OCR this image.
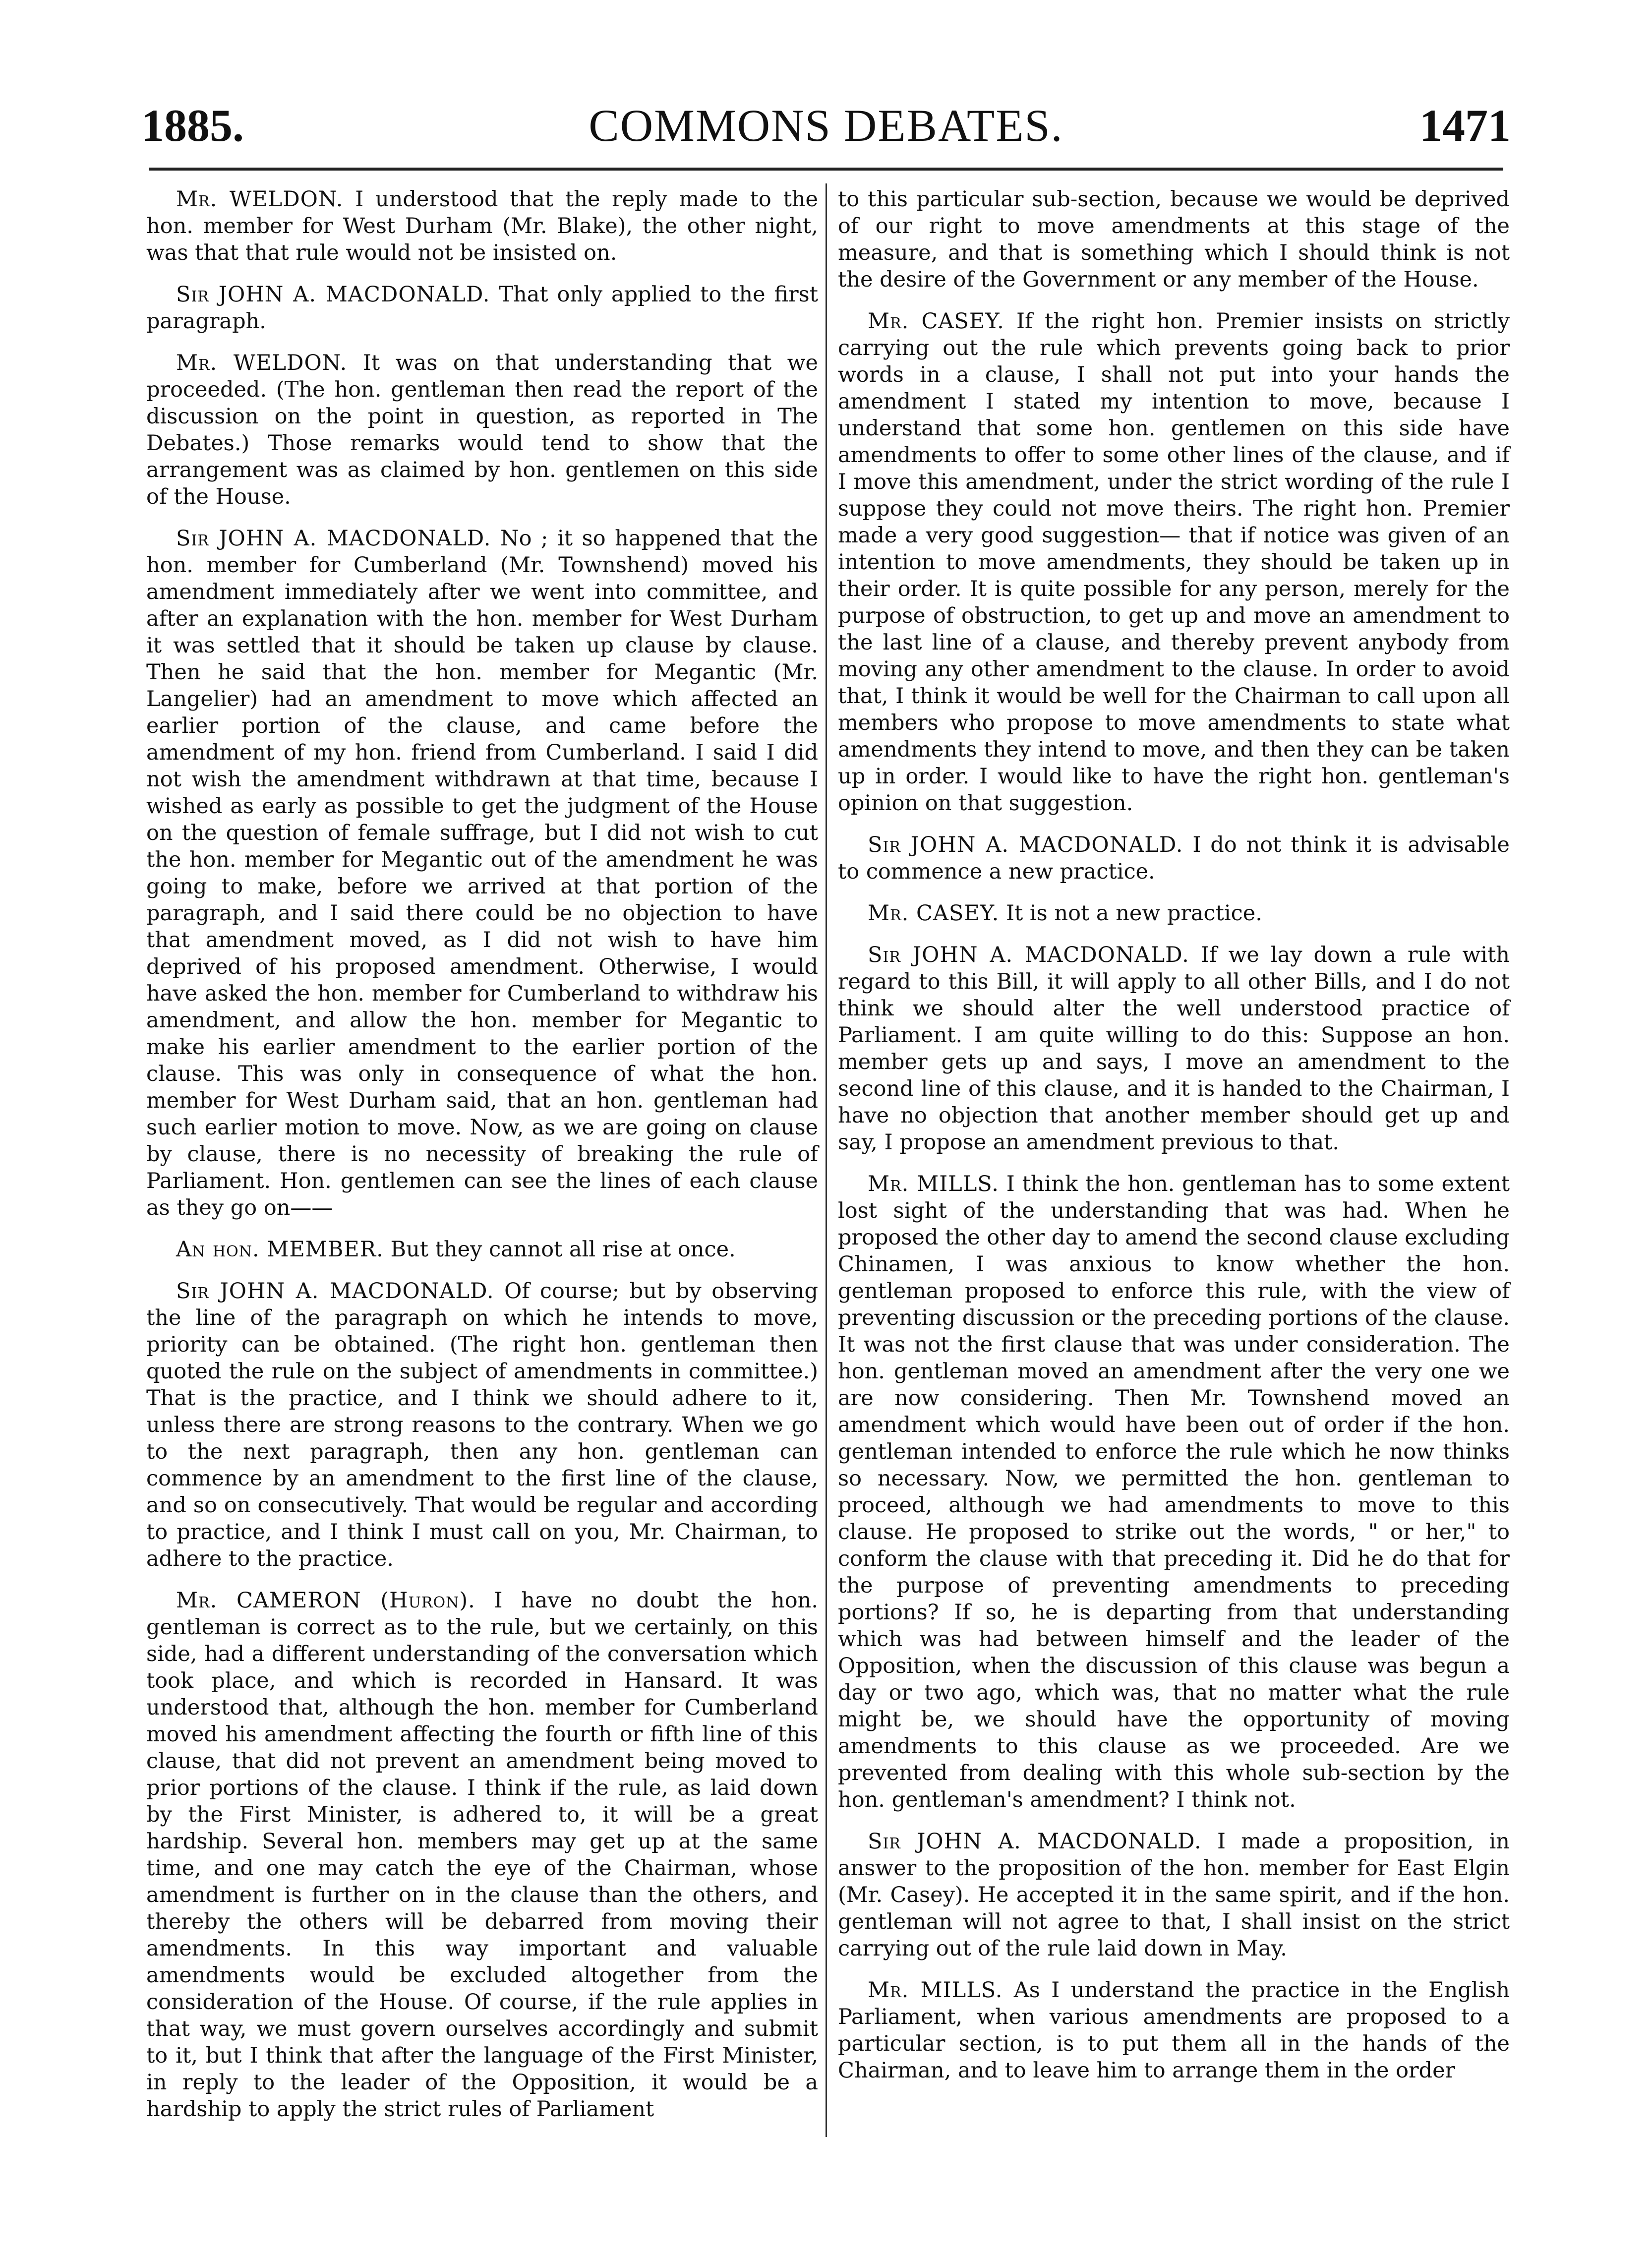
1885.	COMMONS DEBATES.	1471

Mr. WELDON. I understood that the reply made to the hon. member for West Durham (Mr. Blake), the other night, was that that rule would not be insisted on.

Sir JOHN A. MACDONALD. That only applied to the first paragraph.

Mr. WELDON. It was on that understanding that we proceeded. (The hon. gentleman then read the report of the discussion on the point in question, as reported in The Debates.) Those remarks would tend to show that the arrangement was as claimed by hon. gentlemen on this side of the House.

Sir JOHN A. MACDONALD. No ; it so happened that the hon. member for Cumberland (Mr. Townshend) moved his amendment immediately after we went into committee, and after an explanation with the hon. member for West Durham it was settled that it should be taken up clause by clause. Then he said that the hon. member for Megantic (Mr. Langelier) had an amendment to move which affected an earlier portion of the clause, and came before the amendment of my hon. friend from Cumberland. I said I did not wish the amendment withdrawn at that time, because I wished as early as possible to get the judgment of the House on the question of female suffrage, but I did not wish to cut the hon. member for Megantic out of the amendment he was going to make, before we arrived at that portion of the paragraph, and I said there could be no objection to have that amendment moved, as I did not wish to have him deprived of his proposed amendment. Otherwise, I would have asked the hon. member for Cumberland to withdraw his amendment, and allow the hon. member for Megantic to make his earlier amendment to the earlier portion of the clause. This was only in consequence of what the hon. member for West Durham said, that an hon. gentleman had such earlier motion to move. Now, as we are going on clause by clause, there is no necessity of breaking the rule of Parliament. Hon. gentlemen can see the lines of each clause as they go on——

An hon. MEMBER. But they cannot all rise at once.

Sir JOHN A. MACDONALD. Of course; but by observing the line of the paragraph on which he intends to move, priority can be obtained. (The right hon. gentleman then quoted the rule on the subject of amendments in committee.) That is the practice, and I think we should adhere to it, unless there are strong reasons to the contrary. When we go to the next paragraph, then any hon. gentleman can commence by an amendment to the first line of the clause, and so on consecutively. That would be regular and according to practice, and I think I must call on you, Mr. Chairman, to adhere to the practice.

Mr. CAMERON (Huron). I have no doubt the hon. gentleman is correct as to the rule, but we certainly, on this side, had a different understanding of the conversation which took place, and which is recorded in Hansard. It was understood that, although the hon. member for Cumberland moved his amendment affecting the fourth or fifth line of this clause, that did not prevent an amendment being moved to prior portions of the clause. I think if the rule, as laid down by the First Minister, is adhered to, it will be a great hardship. Several hon. members may get up at the same time, and one may catch the eye of the Chairman, whose amendment is further on in the clause than the others, and thereby the others will be debarred from moving their amendments. In this way important and valuable amendments would be excluded altogether from the consideration of the House. Of course, if the rule applies in that way, we must govern ourselves accordingly and submit to it, but I think that after the language of the First Minister, in reply to the leader of the Opposition, it would be a hardship to apply the strict rules of Parliament

to this particular sub-section, because we would be deprived of our right to move amendments at this stage of the measure, and that is something which I should think is not the desire of the Government or any member of the House.

Mr. CASEY. If the right hon. Premier insists on strictly carrying out the rule which prevents going back to prior words in a clause, I shall not put into your hands the amendment I stated my intention to move, because I understand that some hon. gentlemen on this side have amendments to offer to some other lines of the clause, and if I move this amendment, under the strict wording of the rule I suppose they could not move theirs. The right hon. Premier made a very good suggestion— that if notice was given of an intention to move amendments, they should be taken up in their order. It is quite possible for any person, merely for the purpose of obstruction, to get up and move an amendment to the last line of a clause, and thereby prevent anybody from moving any other amendment to the clause. In order to avoid that, I think it would be well for the Chairman to call upon all members who propose to move amendments to state what amendments they intend to move, and then they can be taken up in order. I would like to have the right hon. gentleman's opinion on that suggestion.

Sir JOHN A. MACDONALD. I do not think it is advisable to commence a new practice.

Mr. CASEY. It is not a new practice.

Sir JOHN A. MACDONALD. If we lay down a rule with regard to this Bill, it will apply to all other Bills, and I do not think we should alter the well understood practice of Parliament. I am quite willing to do this: Suppose an hon. member gets up and says, I move an amendment to the second line of this clause, and it is handed to the Chairman, I have no objection that another member should get up and say, I propose an amendment previous to that.

Mr. MILLS. I think the hon. gentleman has to some extent lost sight of the understanding that was had. When he proposed the other day to amend the second clause excluding Chinamen, I was anxious to know whether the hon. gentleman proposed to enforce this rule, with the view of preventing discussion or the preceding portions of the clause. It was not the first clause that was under consideration. The hon. gentleman moved an amendment after the very one we are now considering. Then Mr. Townshend moved an amendment which would have been out of order if the hon. gentleman intended to enforce the rule which he now thinks so necessary. Now, we permitted the hon. gentleman to proceed, although we had amendments to move to this clause. He proposed to strike out the words, " or her," to conform the clause with that preceding it. Did he do that for the purpose of preventing amendments to preceding portions? If so, he is departing from that understanding which was had between himself and the leader of the Opposition, when the discussion of this clause was begun a day or two ago, which was, that no matter what the rule might be, we should have the opportunity of moving amendments to this clause as we proceeded. Are we prevented from dealing with this whole sub-section by the hon. gentleman's amendment? I think not.

Sir JOHN A. MACDONALD. I made a proposition, in answer to the proposition of the hon. member for East Elgin (Mr. Casey). He accepted it in the same spirit, and if the hon. gentleman will not agree to that, I shall insist on the strict carrying out of the rule laid down in May.

Mr. MILLS. As I understand the practice in the English Parliament, when various amendments are proposed to a particular section, is to put them all in the hands of the Chairman, and to leave him to arrange them in the order
